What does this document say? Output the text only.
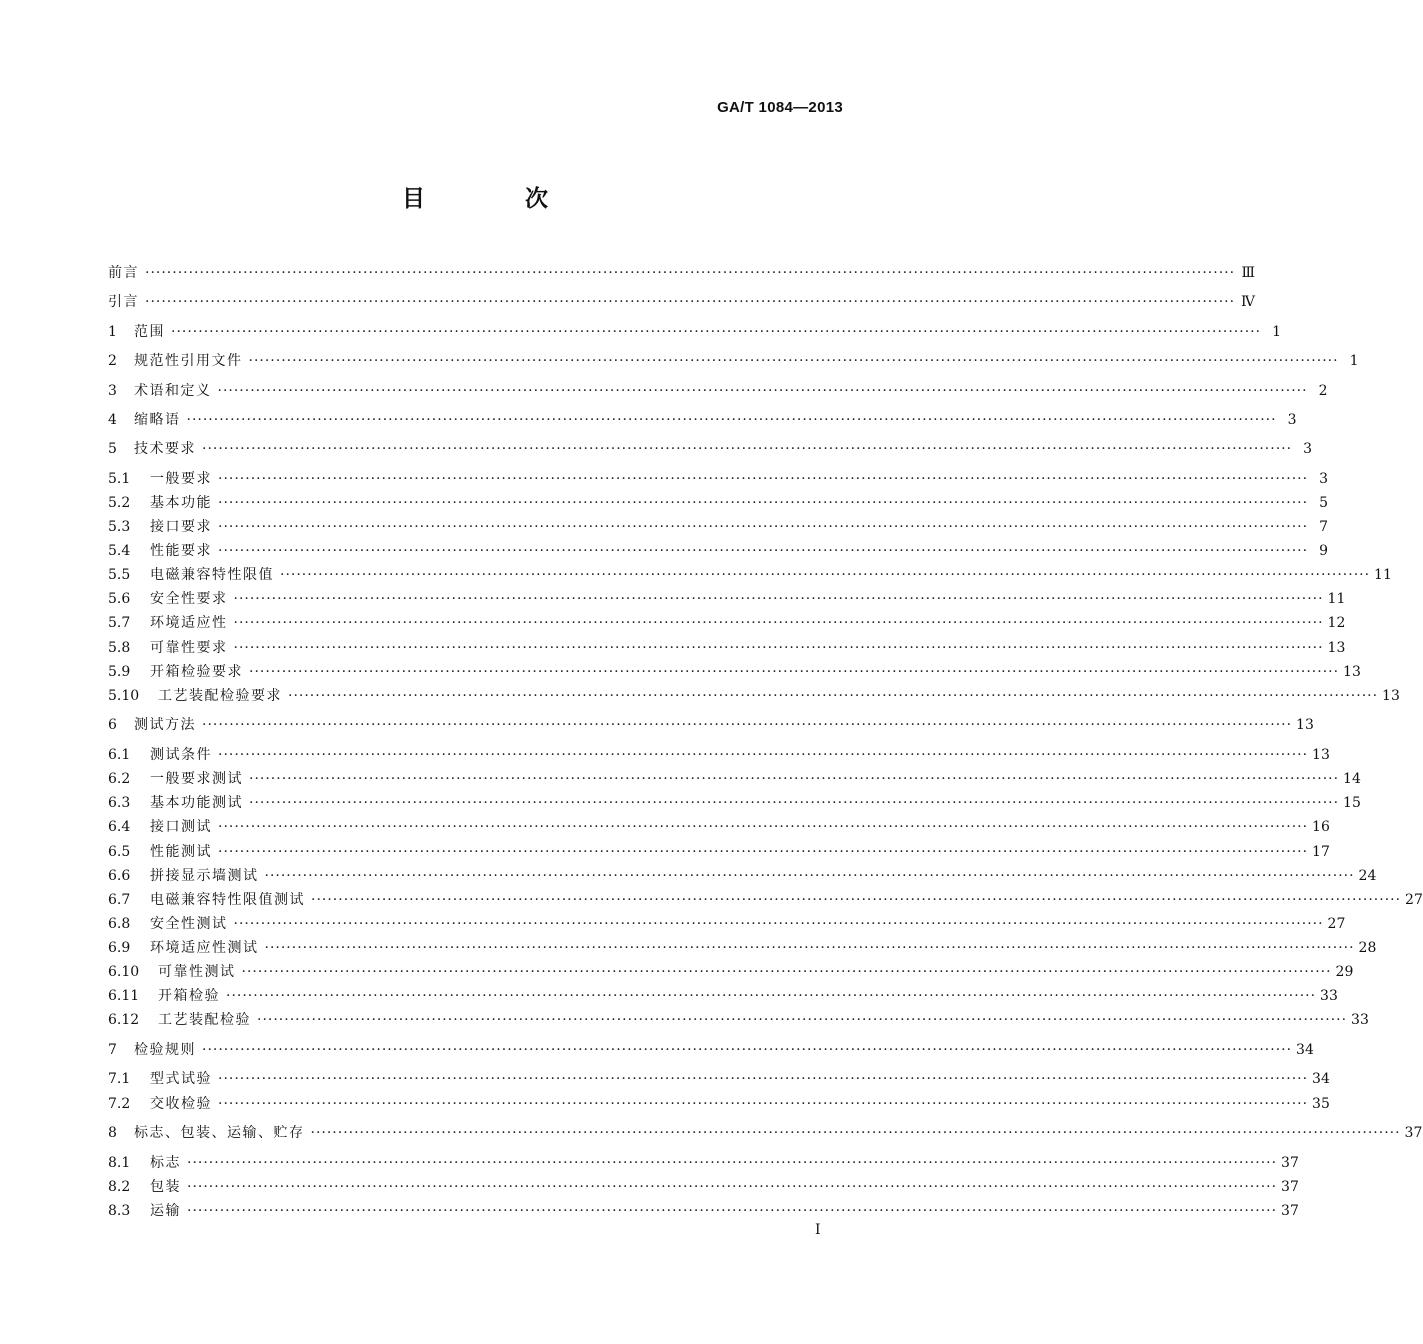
GA/T 1084—2013
目 次
前言 ········································································································································································································ Ⅲ
引言 ········································································································································································································ Ⅳ
1	范围 ········································································································································································································ 1
2	规范性引用文件 ········································································································································································································ 1
3	术语和定义 ········································································································································································································ 2
4	缩略语 ········································································································································································································ 3
5	技术要求 ········································································································································································································ 3
5.1	一般要求 ········································································································································································································ 3
5.2	基本功能 ········································································································································································································ 5
5.3	接口要求 ········································································································································································································ 7
5.4	性能要求 ········································································································································································································ 9
5.5	电磁兼容特性限值 ········································································································································································································ 11
5.6	安全性要求 ········································································································································································································ 11
5.7	环境适应性 ········································································································································································································ 12
5.8	可靠性要求 ········································································································································································································ 13
5.9	开箱检验要求 ········································································································································································································ 13
5.10	工艺装配检验要求 ········································································································································································································ 13
6	测试方法 ········································································································································································································ 13
6.1	测试条件 ········································································································································································································ 13
6.2	一般要求测试 ········································································································································································································ 14
6.3	基本功能测试 ········································································································································································································ 15
6.4	接口测试 ········································································································································································································ 16
6.5	性能测试 ········································································································································································································ 17
6.6	拼接显示墙测试 ········································································································································································································ 24
6.7	电磁兼容特性限值测试 ········································································································································································································ 27
6.8	安全性测试 ········································································································································································································ 27
6.9	环境适应性测试 ········································································································································································································ 28
6.10	可靠性测试 ········································································································································································································ 29
6.11	开箱检验 ········································································································································································································ 33
6.12	工艺装配检验 ········································································································································································································ 33
7	检验规则 ········································································································································································································ 34
7.1	型式试验 ········································································································································································································ 34
7.2	交收检验 ········································································································································································································ 35
8	标志、包装、运输、贮存 ········································································································································································································ 37
8.1	标志 ········································································································································································································ 37
8.2	包装 ········································································································································································································ 37
8.3	运输 ········································································································································································································ 37
I
